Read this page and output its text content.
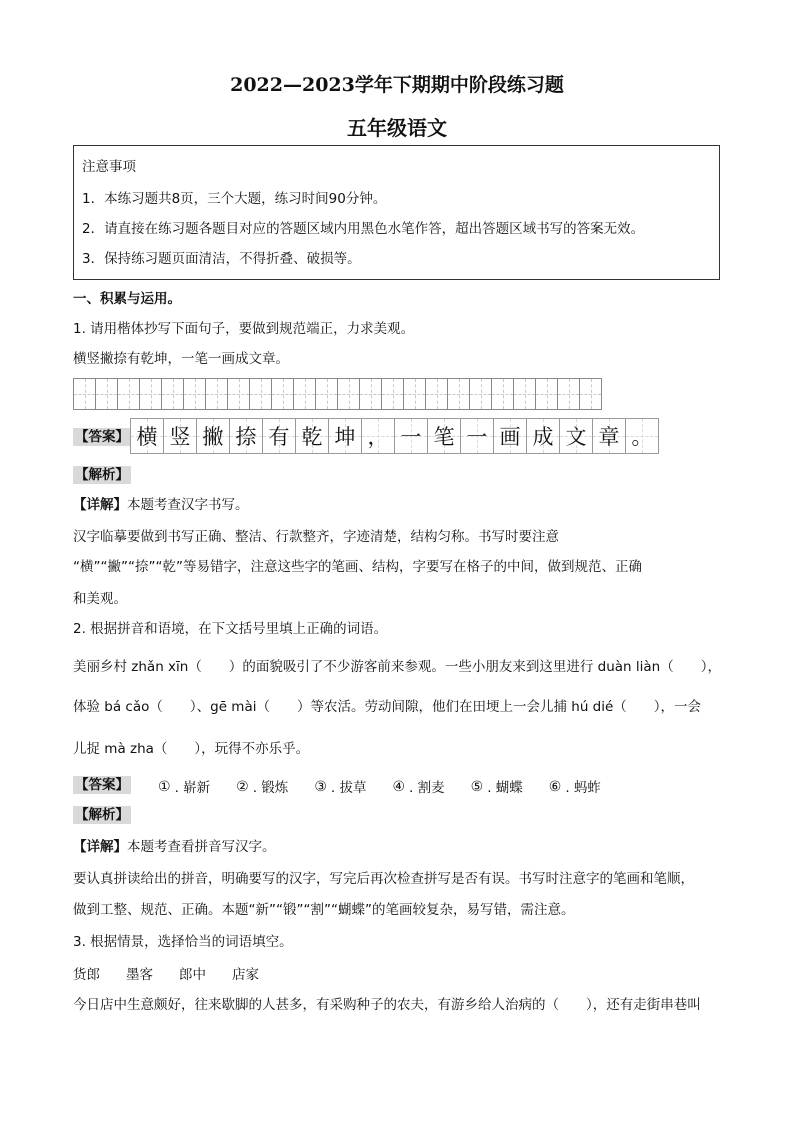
2022—2023学年下期期中阶段练习题
五年级语文
注意事项
1．本练习题共8页，三个大题，练习时间90分钟。
2．请直接在练习题各题目对应的答题区域内用黑色水笔作答，超出答题区域书写的答案无效。
3．保持练习题页面清洁，不得折叠、破损等。
一、积累与运用。
1. 请用楷体抄写下面句子，要做到规范端正，力求美观。
横竖撇捺有乾坤，一笔一画成文章。
【答案】 横 竖 撇 捺 有 乾 坤 ， 一 笔 一 画 成 文 章 。
【解析】
【详解】本题考查汉字书写。
汉字临摹要做到书写正确、整洁、行款整齐，字迹清楚，结构匀称。书写时要注意
“横”“撇”“捺”“乾”等易错字，注意这些字的笔画、结构，字要写在格子的中间，做到规范、正确
和美观。
2. 根据拼音和语境，在下文括号里填上正确的词语。
美丽乡村 zhǎn xīn（　　）的面貌吸引了不少游客前来参观。一些小朋友来到这里进行 duàn liàn（　　），
体验 bá cǎo（　　）、gē mài（　　）等农活。劳动间隙，他们在田埂上一会儿捕 hú dié（　　），一会
儿捉 mà zha（　　），玩得不亦乐乎。
【答案】 ① . 崭新 ② . 锻炼 ③ . 拔草 ④ . 割麦 ⑤ . 蝴蝶 ⑥ . 蚂蚱
【解析】
【详解】本题考查看拼音写汉字。
要认真拼读给出的拼音，明确要写的汉字，写完后再次检查拼写是否有误。书写时注意字的笔画和笔顺，
做到工整、规范、正确。本题“新”“锻”“割”“蝴蝶”的笔画较复杂，易写错，需注意。
3. 根据情景，选择恰当的词语填空。
货郎 墨客 郎中 店家
今日店中生意颇好，往来歇脚的人甚多，有采购种子的农夫，有游乡给人治病的（　　），还有走街串巷叫
